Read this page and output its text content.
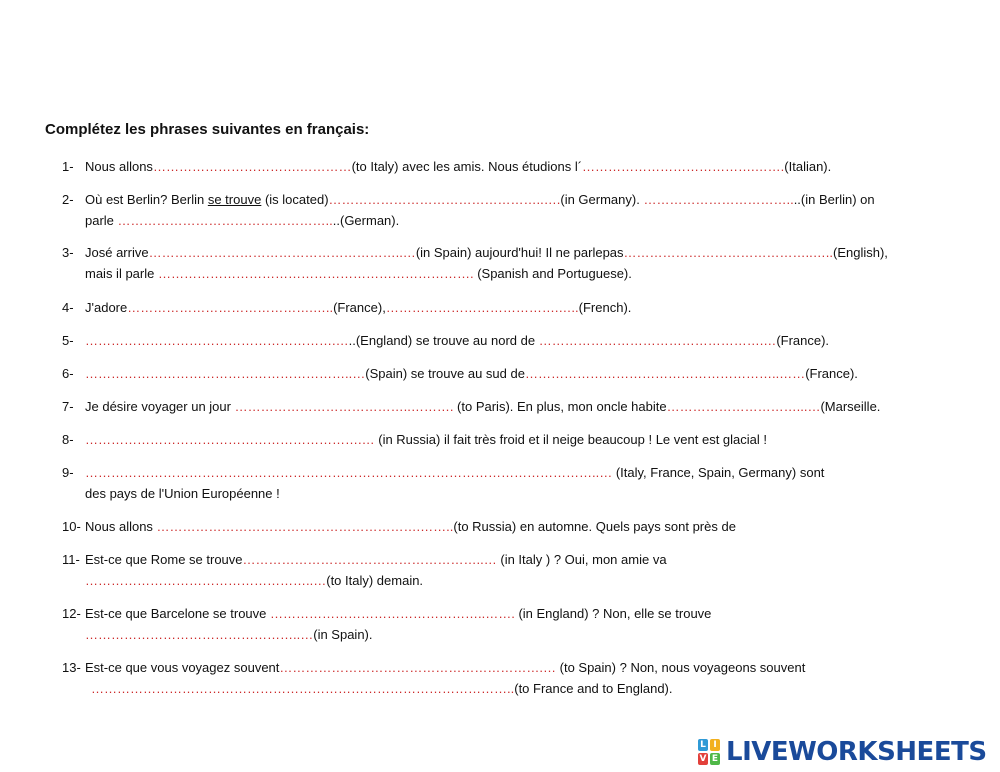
Complétez les phrases suivantes en français:
1- Nous allons…………………………….…………(to Italy) avec les amis. Nous étudions l´………………………………….…….(Italian).
2- Où est Berlin? Berlin se trouve (is located)…………………………………………..….(in Germany). ……………………………....(in Berlin) on
parle …………………………………………....(German).
3- José arrive…………………………………………………..…(in Spain) aujourd'hui! Il ne parlepas……………………………………..…..(English),
mais il parle ………………………………………………………………. (Spanish and Portuguese).
4- J'adore…………………………………….…..(France),………………………………….…..(French).
5- ………………………………………………….…..(England) se trouve au nord de …………………………………………….…(France).
6- ……………………………………………………..…(Spain) se trouve au sud de…………………………………………………..……(France).
7- Je désire voyager un jour …………………………………..………. (to Paris). En plus, mon oncle habite…………………………...…(Marseille.
8- ……………………………………………………….… (in Russia) il fait très froid et il neige beaucoup ! Le vent est glacial !
9- ………………………………………………………………………………………………………..… (Italy, France, Spain, Germany) sont
des pays de l'Union Européenne !
10- Nous allons …………………………………………………….……..(to Russia) en automne. Quels pays sont près de
11- Est-ce que Rome se trouve………………………………………………..… (in Italy ) ? Oui, mon amie va
……………………………………………..…(to Italy) demain.
12- Est-ce que Barcelone se trouve …………………………………………..……. (in England) ? Non, elle se trouve
…………………………………………..…(in Spain).
13- Est-ce que vous voyagez souvent…………………………………………………….… (to Spain) ? Non, nous voyageons souvent
……………………………………………………………………………………..(to France and to England).
L I
V E LIVEWORKSHEETS
